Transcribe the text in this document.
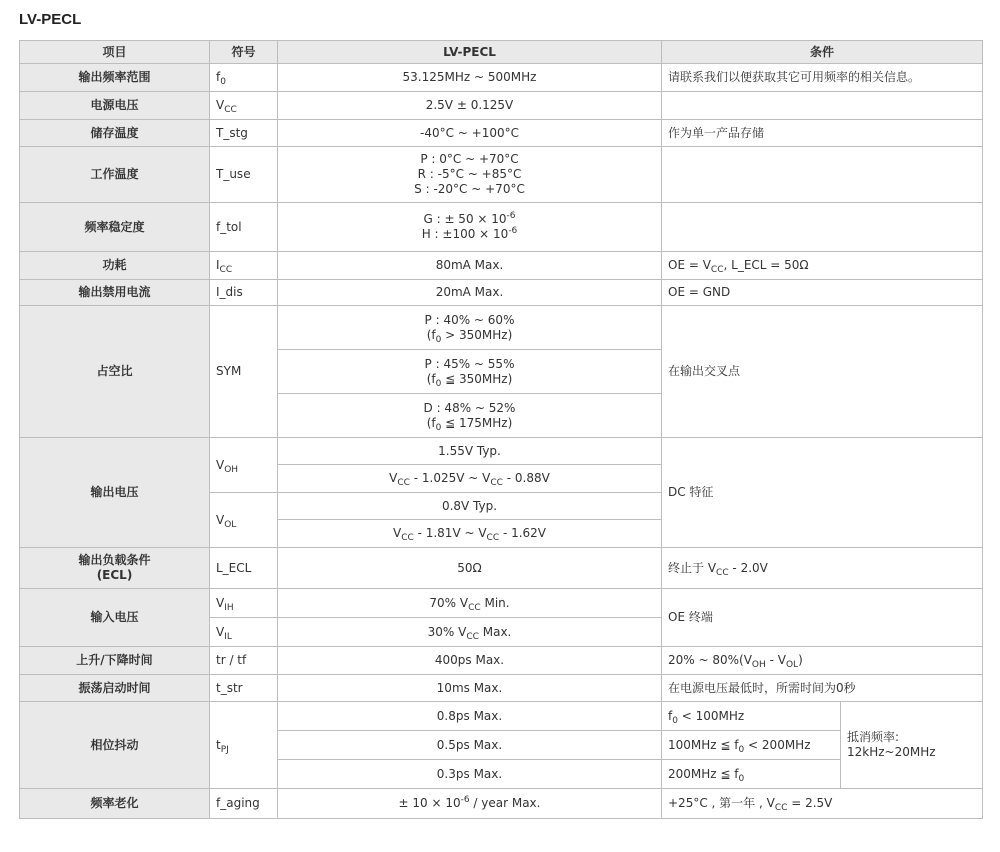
LV-PECL
项目	符号	LV-PECL	条件	
输出频率范围	$f_0$	53.125MHz ~ 500MHz	请联系我们以便获取其它可用频率的相关信息。	
电源电压	$V_{CC}$	2.5V ± 0.125V		
储存温度	T_stg	-40°C ~ +100°C	作为单一产品存储	
工作温度	T_use	P : 0°C ~ +70°C
R : -5°C ~ +85°C
S : -20°C ~ +70°C		

频率稳定度	f_tol	G : ± $50 \times 10^{-6}$
H : $\pm 100 \times 10^{-6}$

功耗	$I_{CC}$	80mA Max.	OE = $V_{CC}$, L_ECL = 50Ω	
输出禁用电流	I_dis	20mA Max.	OE = GND	
占空比	SYM	P : 40% ~ 60%
$(f_0 > 350MHz)$	在输出交叉点	

		P : 45% ~ 55%
($f_0$ ≦ 350MHz)		

		D : 48% ~ 52%
($f_0$ ≦ 175MHz)		

输出电压	$V_{OH}$	1.55V Typ.	DC 特征	
		$V_{CC} - 1.025V$ ~ $V_{CC} - 0.88V$		
	$V_{OL}$	0.8V Typ.		
		$V_{CC} - 1.81V$ ~ $V_{CC} - 1.62V$		

输出负载条件
(ECL)	L_ECL	50Ω	终止于 $V_{CC} - 2.0V$	
输入电压	$V_{IH}$	70% $V_{CC}$ Min.	OE 终端	
	$V_{IL}$	30% $V_{CC}$ Max.		
上升/下降时间	tr / tf	400ps Max.	20% ~ $80\%(V_{OH} - V_{OL})$	
振荡启动时间	t_str	10ms Max.	在电源电压最低时，所需时间为0秒	
相位抖动	$t_{PJ}$	0.8ps Max.	$f_0 < 100MHz$	抵消频率:
12kHz~20MHz

		0.5ps Max.	100MHz ≦ $f_0 < 200MHz$	
		0.3ps Max.	200MHz ≦ $f_0$
频率老化	f_aging	± $10 \times 10^{-6}$ / year Max.	+25°C , 第一年 , $V_{CC} = 2.5V$	
